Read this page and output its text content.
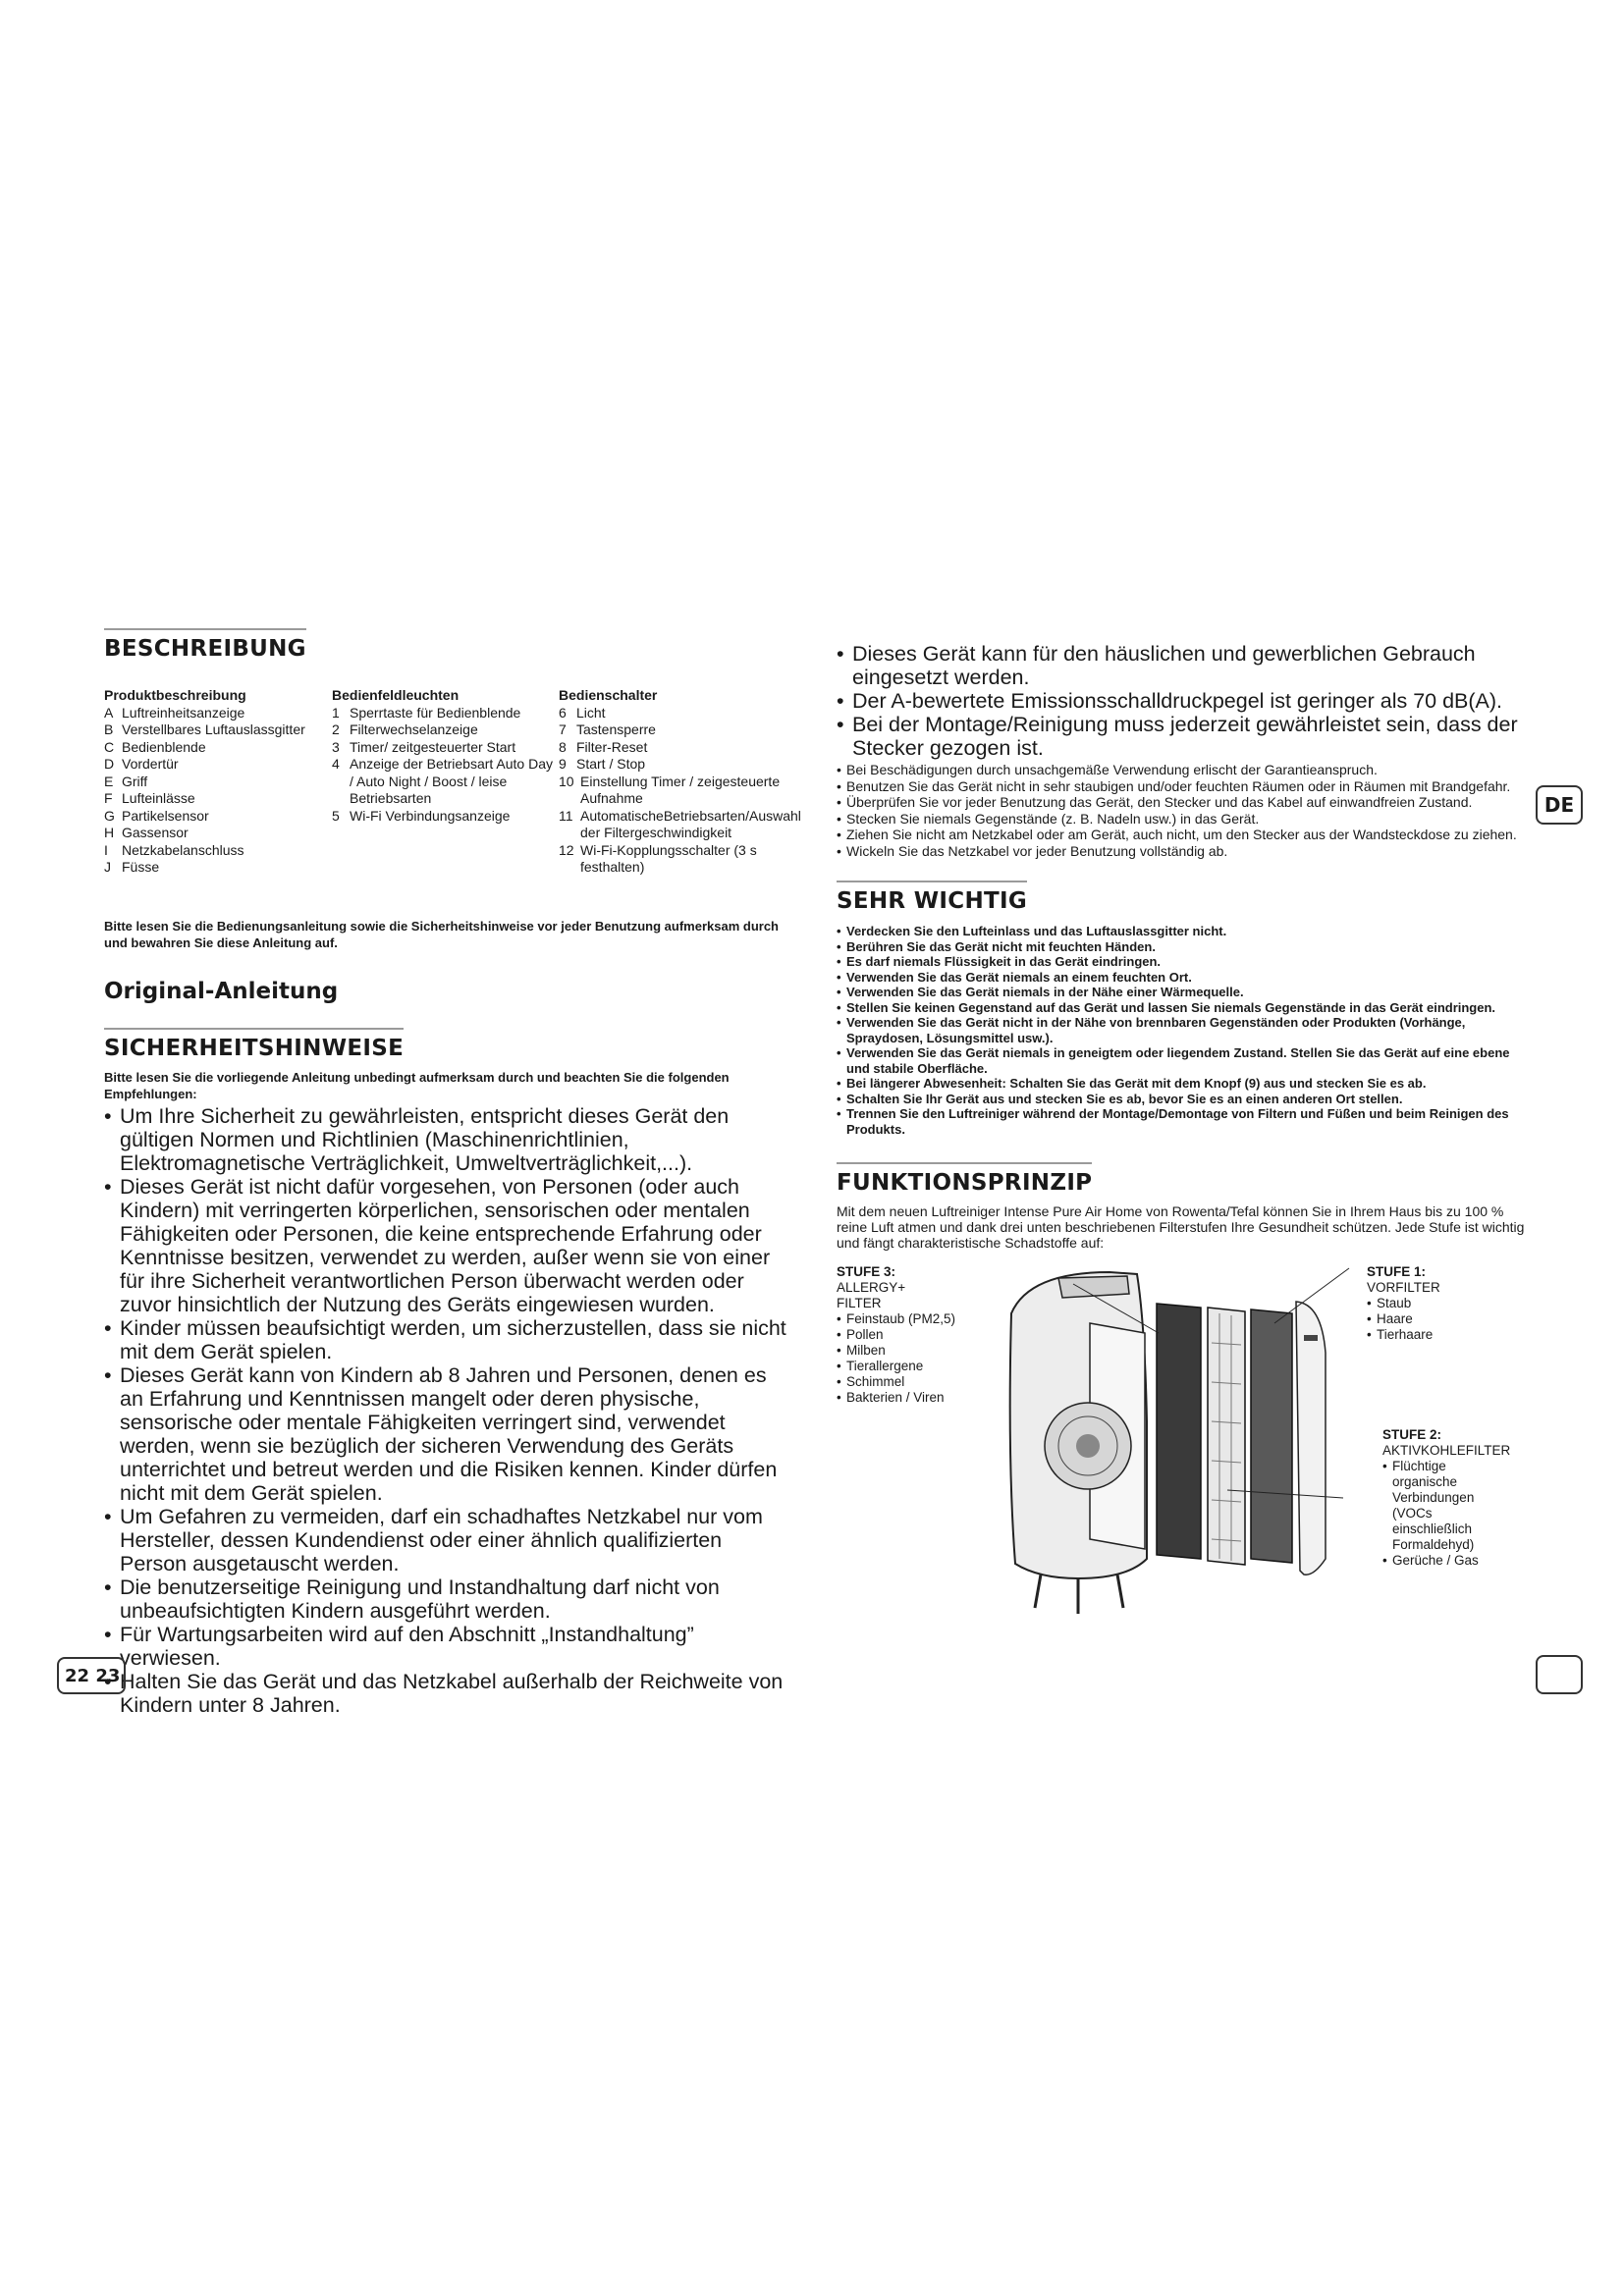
BESCHREIBUNG
Produktbeschreibung
A Luftreinheitsanzeige
B Verstellbares Luftauslassgitter
C Bedienblende
D Vordertür
E Griff
F Lufteinlässe
G Partikelsensor
H Gassensor
I	Netzkabelanschluss
J Füsse
Bedienfeldleuchten
1 Sperrtaste für Bedienblende
2 Filterwechselanzeige
3 Timer/ zeitgesteuerter Start
4 Anzeige der Betriebsart Auto Day / Auto Night / Boost / leise Betriebsarten
5 Wi-Fi Verbindungsanzeige
Bedienschalter
6 Licht
7 Tastensperre
8 Filter-Reset
9 Start / Stop
10 Einstellung Timer / zeigesteuerte Aufnahme
11 AutomatischeBetriebsarten/Auswahl der Filtergeschwindigkeit
12 Wi-Fi-Kopplungsschalter (3 s festhalten)

Bitte lesen Sie die Bedienungsanleitung sowie die Sicherheitshinweise vor jeder Benutzung aufmerksam durch und bewahren Sie diese Anleitung auf.

Original-Anleitung
SICHERHEITSHINWEISE

Bitte lesen Sie die vorliegende Anleitung unbedingt aufmerksam durch und beachten Sie die folgenden Empfehlungen:

• Um Ihre Sicherheit zu gewährleisten, entspricht dieses Gerät den gültigen Normen und Richtlinien (Maschinenrichtlinien, Elektromagnetische Verträglichkeit, Umweltverträglichkeit,...).
• Dieses Gerät ist nicht dafür vorgesehen, von Personen (oder auch Kindern) mit verringerten körperlichen, sensorischen oder mentalen Fähigkeiten oder Personen, die keine entsprechende Erfahrung oder Kenntnisse besitzen, verwendet zu werden, außer wenn sie von einer für ihre Sicherheit verantwortlichen Person überwacht werden oder zuvor hinsichtlich der Nutzung des Geräts eingewiesen wurden.
• Kinder müssen beaufsichtigt werden, um sicherzustellen, dass sie nicht mit dem Gerät spielen.
• Dieses Gerät kann von Kindern ab 8 Jahren und Personen, denen es an Erfahrung und Kenntnissen mangelt oder deren physische, sensorische oder mentale Fähigkeiten verringert sind, verwendet werden, wenn sie bezüglich der sicheren Verwendung des Geräts unterrichtet und betreut werden und die Risiken kennen. Kinder dürfen nicht mit dem Gerät spielen.
• Um Gefahren zu vermeiden, darf ein schadhaftes Netzkabel nur vom Hersteller, dessen Kundendienst oder einer ähnlich qualifizierten Person ausgetauscht werden.
• Die benutzerseitige Reinigung und Instandhaltung darf nicht von unbeaufsichtigten Kindern ausgeführt werden.
• Für Wartungsarbeiten wird auf den Abschnitt „Instandhaltung” verwiesen.
• Halten Sie das Gerät und das Netzkabel außerhalb der Reichweite von Kindern unter 8 Jahren.
• Dieses Gerät kann für den häuslichen und gewerblichen Gebrauch eingesetzt werden.
• Der A-bewertete Emissionsschalldruckpegel ist geringer als 70 dB(A).
• Bei der Montage/Reinigung muss jederzeit gewährleistet sein, dass der Stecker gezogen ist.
• Bei Beschädigungen durch unsachgemäße Verwendung erlischt der Garantieanspruch.
• Benutzen Sie das Gerät nicht in sehr staubigen und/oder feuchten Räumen oder in Räumen mit Brandgefahr.
• Überprüfen Sie vor jeder Benutzung das Gerät, den Stecker und das Kabel auf einwandfreien Zustand.
• Stecken Sie niemals Gegenstände (z. B. Nadeln usw.) in das Gerät.
• Ziehen Sie nicht am Netzkabel oder am Gerät, auch nicht, um den Stecker aus der Wandsteckdose zu ziehen.
• Wickeln Sie das Netzkabel vor jeder Benutzung vollständig ab.
SEHR WICHTIG
• Verdecken Sie den Lufteinlass und das Luftauslassgitter nicht.
• Berühren Sie das Gerät nicht mit feuchten Händen.
• Es darf niemals Flüssigkeit in das Gerät eindringen.
• Verwenden Sie das Gerät niemals an einem feuchten Ort.
• Verwenden Sie das Gerät niemals in der Nähe einer Wärmequelle.
• Stellen Sie keinen Gegenstand auf das Gerät und lassen Sie niemals Gegenstände in das Gerät eindringen.
• Verwenden Sie das Gerät nicht in der Nähe von brennbaren Gegenständen oder Produkten (Vorhänge, Spraydosen, Lösungsmittel usw.).
• Verwenden Sie das Gerät niemals in geneigtem oder liegendem Zustand. Stellen Sie das Gerät auf eine ebene und stabile Oberfläche.
• Bei längerer Abwesenheit: Schalten Sie das Gerät mit dem Knopf (9) aus und stecken Sie es ab.
• Schalten Sie Ihr Gerät aus und stecken Sie es ab, bevor Sie es an einen anderen Ort stellen.
• Trennen Sie den Luftreiniger während der Montage/Demontage von Filtern und Füßen und beim Reinigen des Produkts.
FUNKTIONSPRINZIP

Mit dem neuen Luftreiniger Intense Pure Air Home von Rowenta/Tefal können Sie in Ihrem Haus bis zu 100 % reine Luft atmen und dank drei unten beschriebenen Filterstufen Ihre Gesundheit schützen. Jede Stufe ist wichtig und fängt charakteristische Schadstoffe auf:

STUFE 3:
ALLERGY+
FILTER
• Feinstaub (PM2,5)
• Pollen
• Milben
• Tierallergene
• Schimmel
• Bakterien / Viren
STUFE 1:
VORFILTER
• Staub
• Haare
• Tierhaare
STUFE 2:
AKTIVKOHLEFILTER
• Flüchtige organische Verbindungen (VOCs einschließlich Formaldehyd)
• Gerüche / Gas
22 23
DE
